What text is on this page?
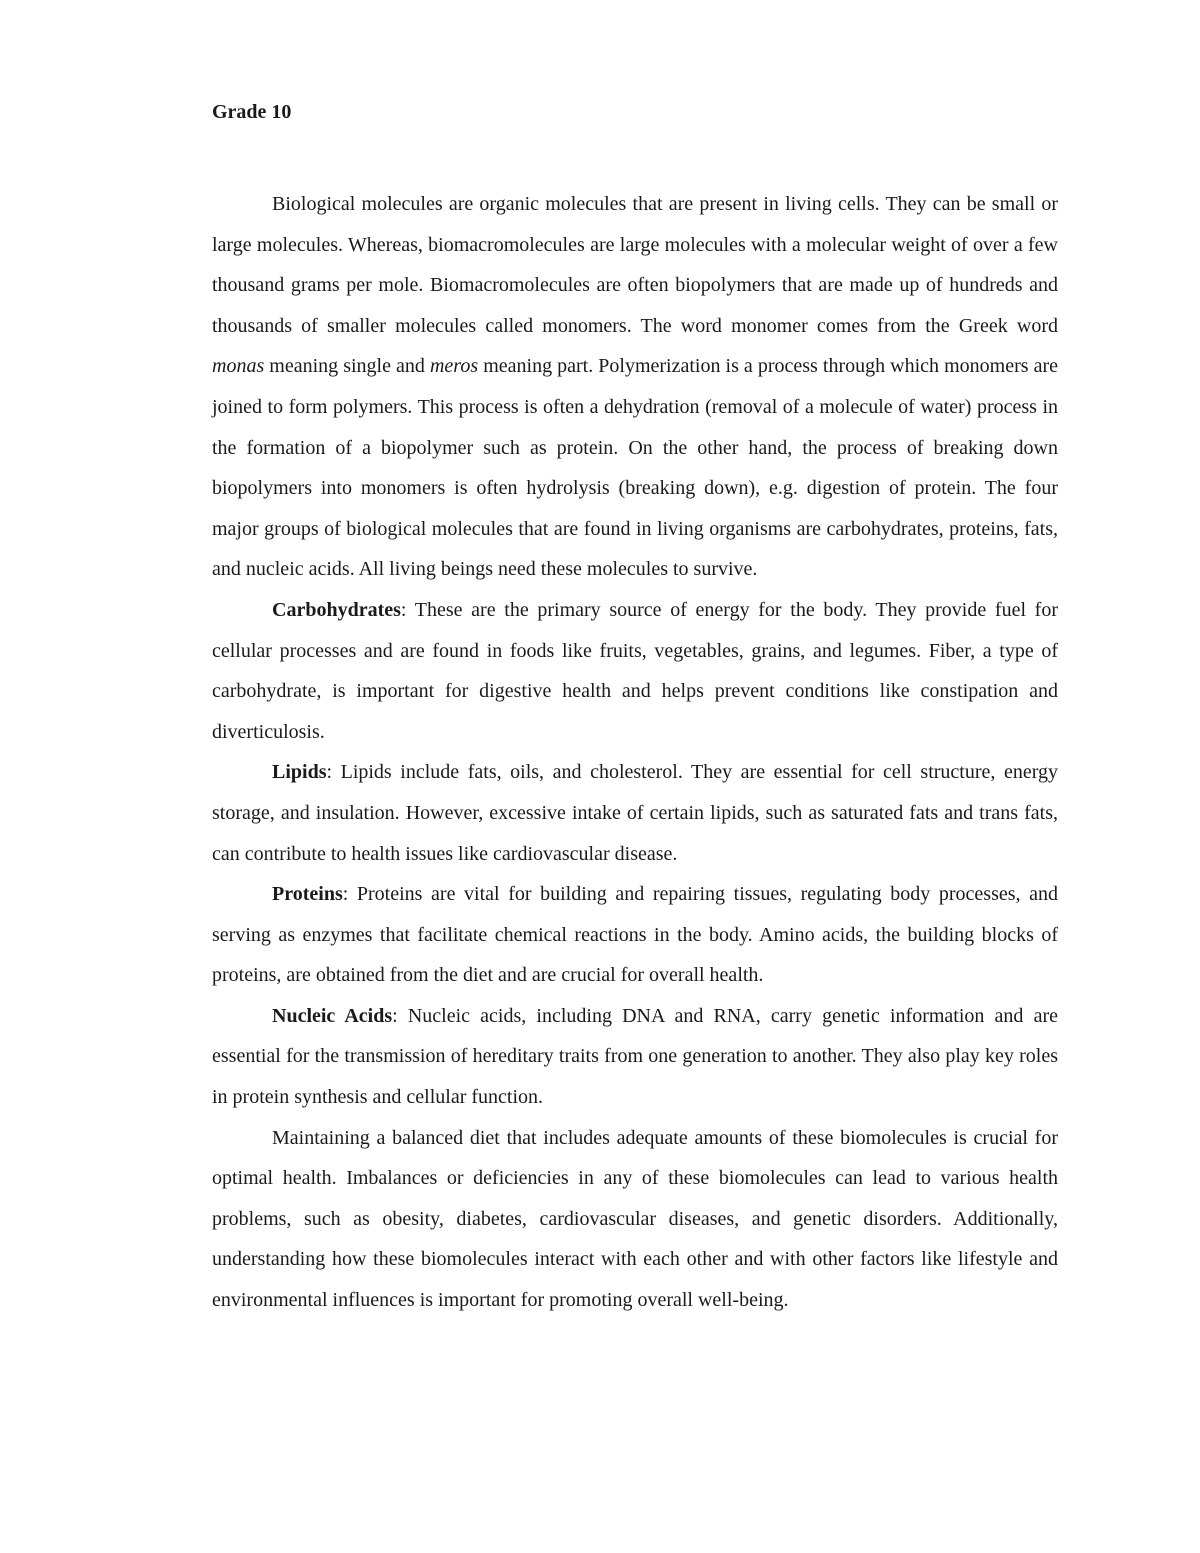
Grade 10

Biological molecules are organic molecules that are present in living cells. They can be small or large molecules. Whereas, biomacromolecules are large molecules with a molecular weight of over a few thousand grams per mole. Biomacromolecules are often biopolymers that are made up of hundreds and thousands of smaller molecules called monomers. The word monomer comes from the Greek word monas meaning single and meros meaning part. Polymerization is a process through which monomers are joined to form polymers. This process is often a dehydration (removal of a molecule of water) process in the formation of a biopolymer such as protein. On the other hand, the process of breaking down biopolymers into monomers is often hydrolysis (breaking down), e.g. digestion of protein. The four major groups of biological molecules that are found in living organisms are carbohydrates, proteins, fats, and nucleic acids. All living beings need these molecules to survive.

Carbohydrates: These are the primary source of energy for the body. They provide fuel for cellular processes and are found in foods like fruits, vegetables, grains, and legumes. Fiber, a type of carbohydrate, is important for digestive health and helps prevent conditions like constipation and diverticulosis.

Lipids: Lipids include fats, oils, and cholesterol. They are essential for cell structure, energy storage, and insulation. However, excessive intake of certain lipids, such as saturated fats and trans fats, can contribute to health issues like cardiovascular disease.

Proteins: Proteins are vital for building and repairing tissues, regulating body processes, and serving as enzymes that facilitate chemical reactions in the body. Amino acids, the building blocks of proteins, are obtained from the diet and are crucial for overall health.

Nucleic Acids: Nucleic acids, including DNA and RNA, carry genetic information and are essential for the transmission of hereditary traits from one generation to another. They also play key roles in protein synthesis and cellular function.

Maintaining a balanced diet that includes adequate amounts of these biomolecules is crucial for optimal health. Imbalances or deficiencies in any of these biomolecules can lead to various health problems, such as obesity, diabetes, cardiovascular diseases, and genetic disorders. Additionally, understanding how these biomolecules interact with each other and with other factors like lifestyle and environmental influences is important for promoting overall well-being.
